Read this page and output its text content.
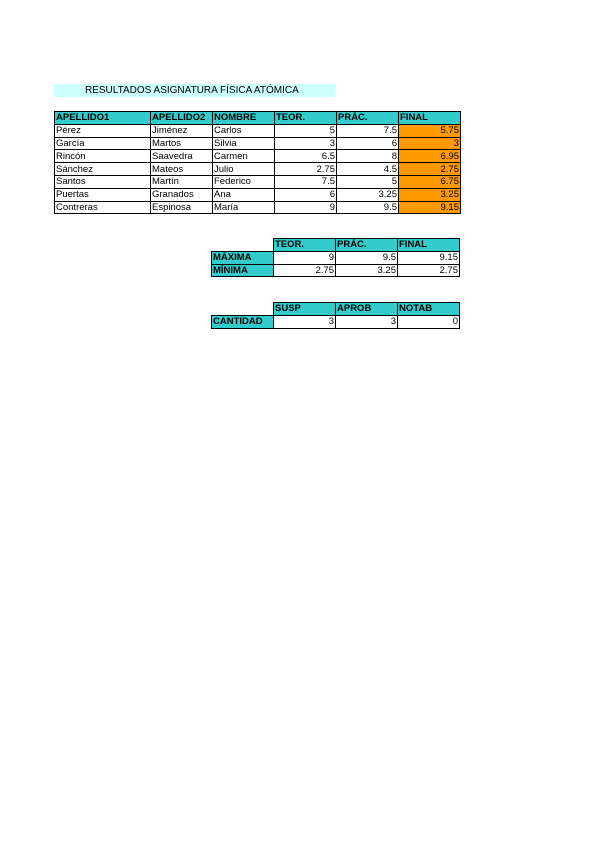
RESULTADOS ASIGNATURA FÍSICA ATÓMICA
APELLIDO1	APELLIDO2	NOMBRE	TEOR.	PRÁC.	FINAL
Pérez	Jiménez	Carlos	5	7.5	5.75
García	Martos	Silvia	3	6	3
Rincón	Saavedra	Carmen	6.5	8	6.95
Sánchez	Mateos	Julio	2.75	4.5	2.75
Santos	Martín	Federico	7.5	5	6.75
Puertas	Granados	Ana	6	3.25	3.25
Contreras	Espinosa	María	9	9.5	9.15
	TEOR.	PRÁC.	FINAL
MÁXIMA	9	9.5	9.15
MÍNIMA	2.75	3.25	2.75
	SUSP	APROB	NOTAB
CANTIDAD	3	3	0
